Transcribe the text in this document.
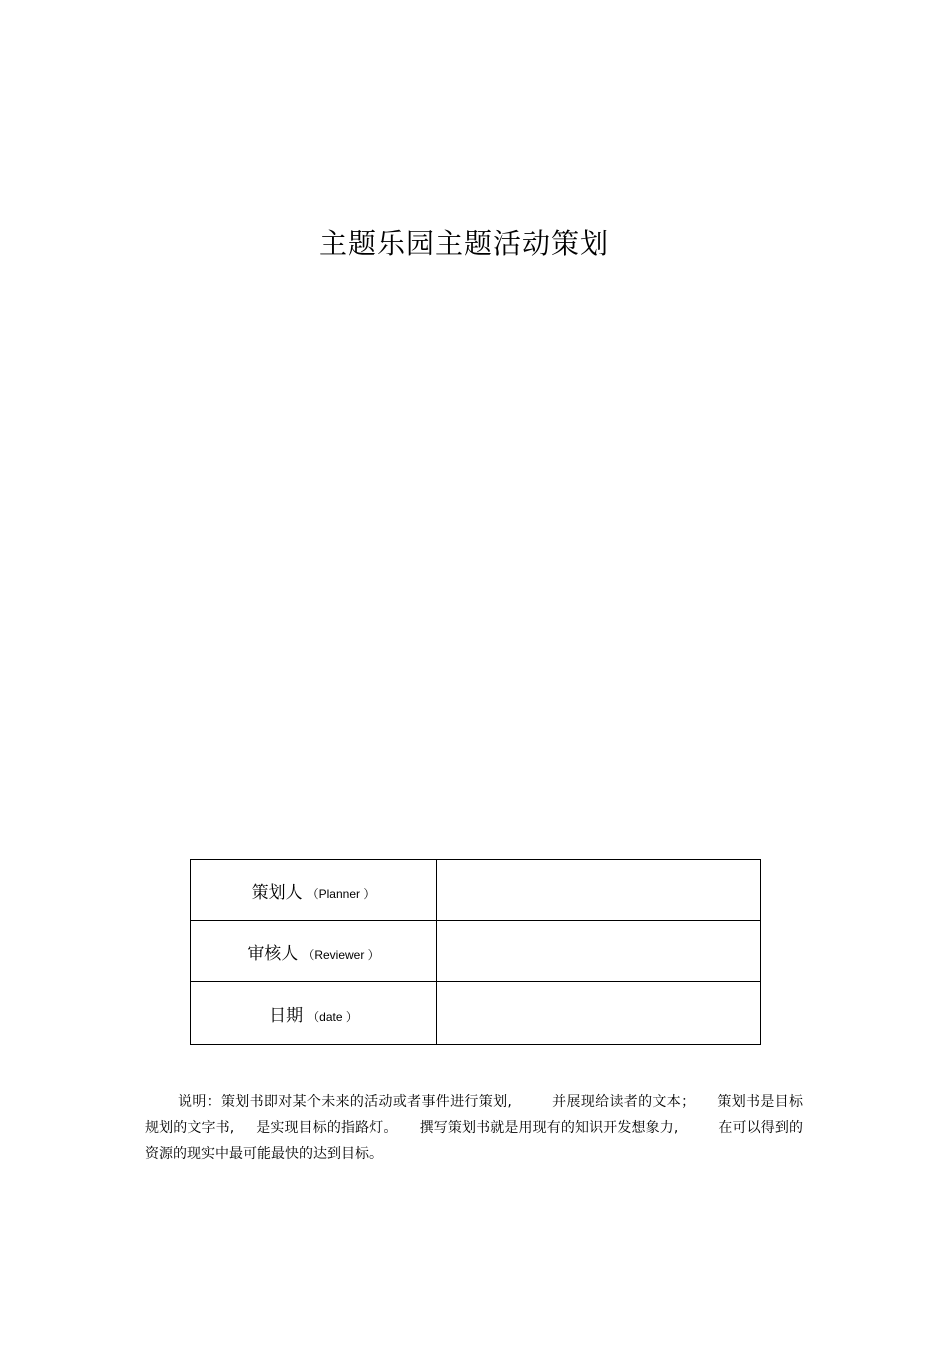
主题乐园主题活动策划
策划人 （Planner ）	
审核人 （Reviewer ）	
日期 （date ）	

说明：策划书即对某个未来的活动或者事件进行策划,	并展现给读者的文本； 策划书是目标规划的文字书, 是实现目标的指路灯。 撰写策划书就是用现有的知识开发想象力,	在可以得到的资源的现实中最可能最快的达到目标。
